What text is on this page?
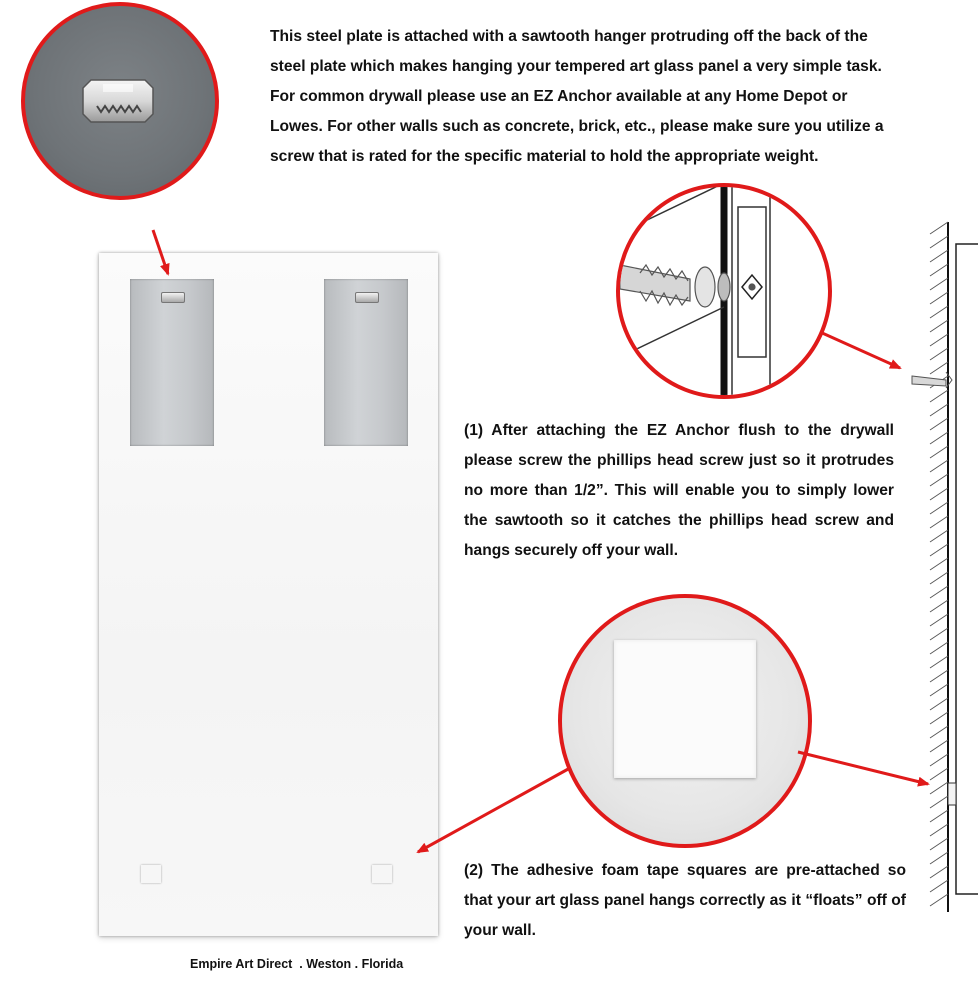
This steel plate is attached with a sawtooth hanger protruding off the back of the steel plate which makes hanging your tempered art glass panel a very simple task. For common drywall please use an EZ Anchor available at any Home Depot or Lowes. For other walls such as concrete, brick, etc., please make sure you utilize a screw that is rated for the specific material to hold the appropriate weight.
(1) After attaching the EZ Anchor flush to the drywall please screw the phillips head screw just so it protrudes no more than 1/2”. This will enable you to simply lower the sawtooth so it catches the phillips head screw and hangs securely off your wall.
(2) The adhesive foam tape squares are pre-attached so that your art glass panel hangs correctly as it “floats” off of your wall.
Empire Art Direct  . Weston . Florida
